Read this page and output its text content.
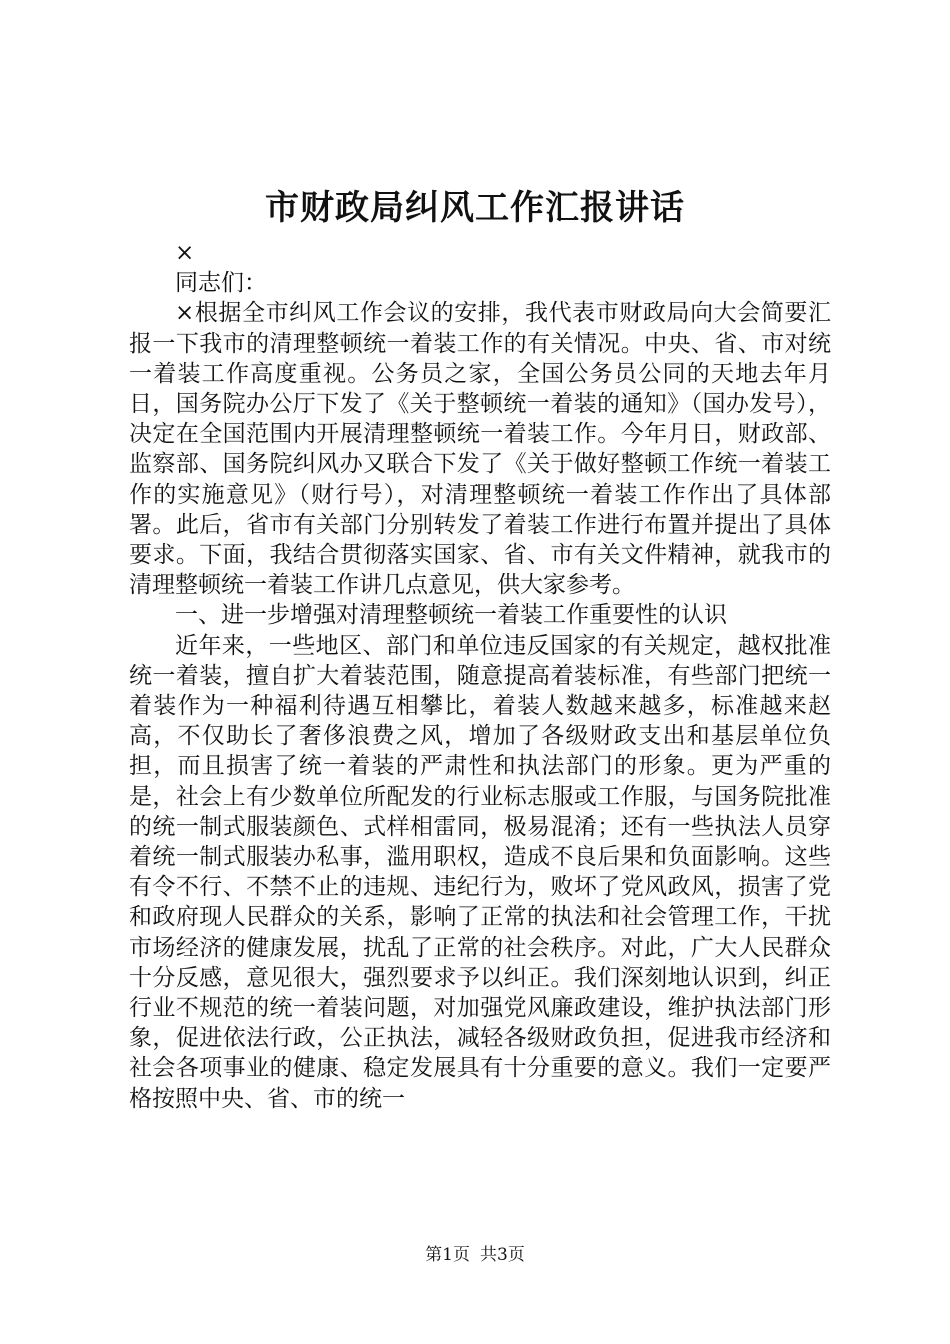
市财政局纠风工作汇报讲话

×

同志们：

×根据全市纠风工作会议的安排，我代表市财政局向大会简要汇报一下我市的清理整顿统一着装工作的有关情况。中央、省、市对统一着装工作高度重视。公务员之家，全国公务员公同的天地去年月日，国务院办公厅下发了《关于整顿统一着装的通知》（国办发号），决定在全国范围内开展清理整顿统一着装工作。今年月日，财政部、监察部、国务院纠风办又联合下发了《关于做好整顿工作统一着装工作的实施意见》（财行号），对清理整顿统一着装工作作出了具体部署。此后，省市有关部门分别转发了着装工作进行布置并提出了具体要求。下面，我结合贯彻落实国家、省、市有关文件精神，就我市的清理整顿统一着装工作讲几点意见，供大家参考。

一、进一步增强对清理整顿统一着装工作重要性的认识

近年来，一些地区、部门和单位违反国家的有关规定，越权批准统一着装，擅自扩大着装范围，随意提高着装标准，有些部门把统一着装作为一种福利待遇互相攀比，着装人数越来越多，标准越来赵高，不仅助长了奢侈浪费之风，增加了各级财政支出和基层单位负担，而且损害了统一着装的严肃性和执法部门的形象。更为严重的是，社会上有少数单位所配发的行业标志服或工作服，与国务院批准的统一制式服装颜色、式样相雷同，极易混淆；还有一些执法人员穿着统一制式服装办私事，滥用职权，造成不良后果和负面影响。这些有令不行、不禁不止的违规、违纪行为，败坏了党风政风，损害了党和政府现人民群众的关系，影响了正常的执法和社会管理工作，干扰市场经济的健康发展，扰乱了正常的社会秩序。对此，广大人民群众十分反感，意见很大，强烈要求予以纠正。我们深刻地认识到，纠正行业不规范的统一着装问题，对加强党风廉政建设，维护执法部门形象，促进依法行政，公正执法，减轻各级财政负担，促进我市经济和社会各项事业的健康、稳定发展具有十分重要的意义。我们一定要严格按照中央、省、市的统一

第1页 共3页
